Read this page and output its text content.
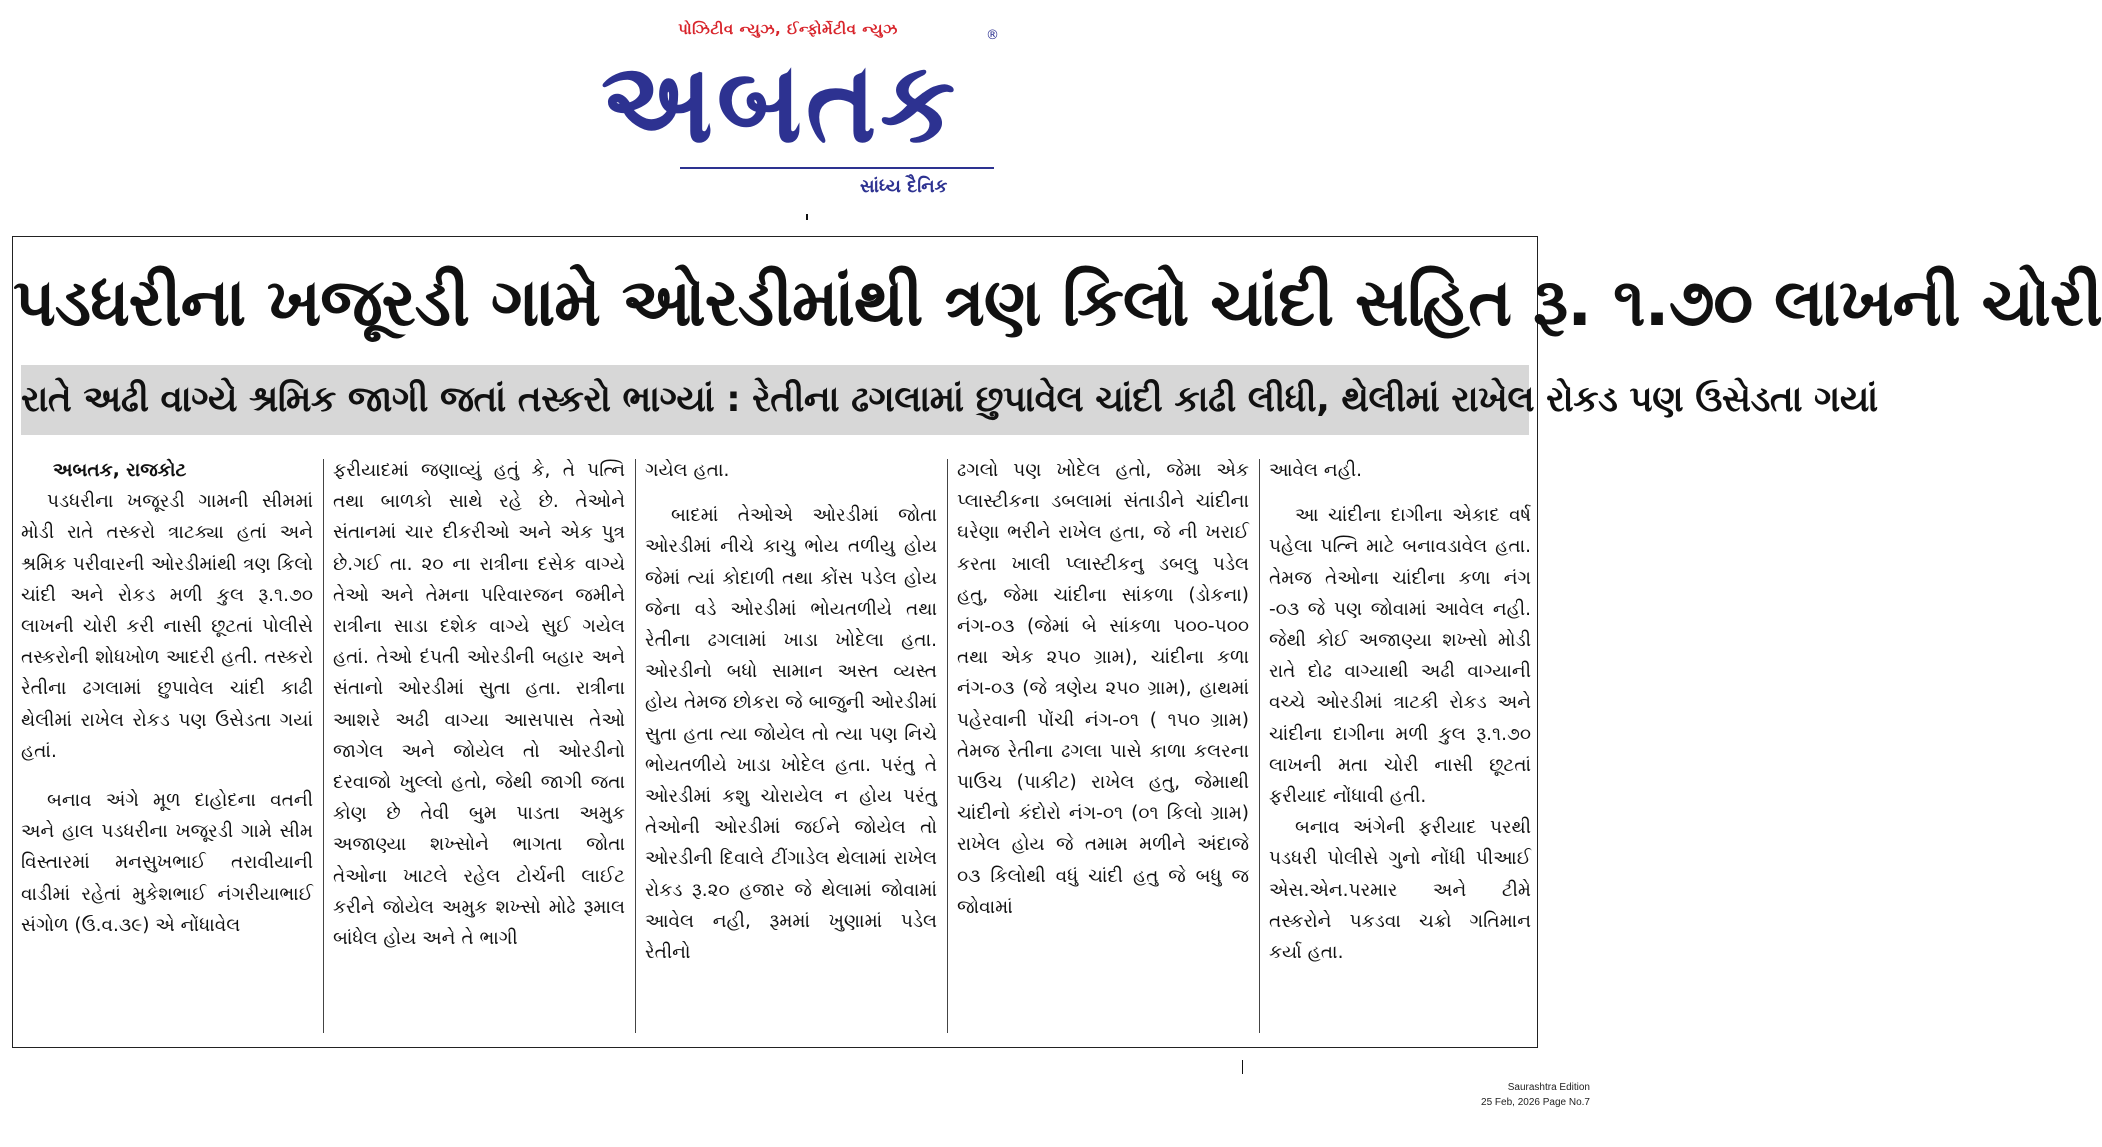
પોઝિટીવ ન્યુઝ, ઈન્ફોર્મેટીવ ન્યુઝ
અબતક
®
સાંધ્ય દૈનિક
પડધરીના ખજૂરડી ગામે ઓરડીમાંથી ત્રણ કિલો ચાંદી સહિત રૂ. ૧.૭૦ લાખની ચોરી
રાતે અઢી વાગ્યે શ્રમિક જાગી જતાં તસ્કરો ભાગ્યાં : રેતીના ઢગલામાં છુપાવેલ ચાંદી કાઢી લીધી, થેલીમાં રાખેલ રોકડ પણ ઉસેડતા ગયાં

અબતક, રાજકોટ

પડધરીના ખજૂરડી ગામની સીમમાં મોડી રાતે તસ્કરો ત્રાટક્યા હતાં અને શ્રમિક પરીવારની ઓરડીમાંથી ત્રણ કિલો ચાંદી અને રોકડ મળી કુલ રૂ.૧.૭૦ લાખની ચોરી કરી નાસી છૂટતાં પોલીસે તસ્કરોની શોધખોળ આદરી હતી. તસ્કરો રેતીના ઢગલામાં છુપાવેલ ચાંદી કાઢી થેલીમાં રાખેલ રોકડ પણ ઉસેડતા ગયાં હતાં.

બનાવ અંગે મૂળ દાહોદના વતની અને હાલ પડધરીના ખજૂરડી ગામે સીમ વિસ્તારમાં મનસુખભાઈ તરાવીયાની વાડીમાં રહેતાં મુકેશભાઈ નંગરીયાભાઈ સંગોળ (ઉ.વ.૩૯) એ નોંધાવેલ

ફરીયાદમાં જણાવ્યું હતું કે, તે પત્નિ તથા બાળકો સાથે રહે છે. તેઓને સંતાનમાં ચાર દીકરીઓ અને એક પુત્ર છે.ગઈ તા. ૨૦ ના રાત્રીના દસેક વાગ્યે તેઓ અને તેમના પરિવારજન જમીને રાત્રીના સાડા દશેક વાગ્યે સુઈ ગયેલ હતાં. તેઓ દંપતી ઓરડીની બહાર અને સંતાનો ઓરડીમાં સુતા હતા. રાત્રીના આશરે અઢી વાગ્યા આસપાસ તેઓ જાગેલ અને જોયેલ તો ઓરડીનો દરવાજો ખુલ્લો હતો, જેથી જાગી જતા કોણ છે તેવી બુમ પાડતા અમુક અજાણ્યા શખ્સોને ભાગતા જોતા તેઓના ખાટલે રહેલ ટોર્ચની લાઈટ કરીને જોયેલ અમુક શખ્સો મોઢે રૂમાલ બાંધેલ હોય અને તે ભાગી

ગયેલ હતા.

બાદમાં તેઓએ ઓરડીમાં જોતા ઓરડીમાં નીચે કાચુ ભોય તળીયુ હોય જેમાં ત્યાં કોદાળી તથા કોંસ પડેલ હોય જેના વડે ઓરડીમાં ભોયતળીયે તથા રેતીના ઢગલામાં ખાડા ખોદેલા હતા. ઓરડીનો બધો સામાન અસ્ત વ્યસ્ત હોય તેમજ છોકરા જે બાજુની ઓરડીમાં સુતા હતા ત્યા જોયેલ તો ત્યા પણ નિચે ભોયતળીયે ખાડા ખોદેલ હતા. પરંતુ તે ઓરડીમાં કશુ ચોરાયેલ ન હોય પરંતુ તેઓની ઓરડીમાં જઈને જોયેલ તો ઓરડીની દિવાલે ટીંગાડેલ થેલામાં રાખેલ રોકડ રૂ.૨૦ હજાર જે થેલામાં જોવામાં આવેલ નહી, રૂમમાં ખુણામાં પડેલ રેતીનો

ઢગલો પણ ખોદેલ હતો, જેમા એક પ્લાસ્ટીકના ડબલામાં સંતાડીને ચાંદીના ઘરેણા ભરીને રાખેલ હતા, જે ની ખરાઈ કરતા ખાલી પ્લાસ્ટીકનુ ડબલુ પડેલ હતુ, જેમા ચાંદીના સાંકળા (ડોકના) નંગ-૦૩ (જેમાં બે સાંકળા ૫૦૦-૫૦૦ તથા એક ૨૫૦ ગ્રામ), ચાંદીના કળા નંગ-૦૩ (જે ત્રણેય ૨૫૦ ગ્રામ), હાથમાં પહેરવાની પોંચી નંગ-૦૧ ( ૧૫૦ ગ્રામ) તેમજ રેતીના ઢગલા પાસે કાળા કલરના પાઉચ (પાકીટ) રાખેલ હતુ, જેમાથી ચાંદીનો કંદોરો નંગ-૦૧ (૦૧ કિલો ગ્રામ) રાખેલ હોય જે તમામ મળીને અંદાજે ૦૩ કિલોથી વધું ચાંદી હતુ જે બધુ જ જોવામાં

આવેલ નહી.

આ ચાંદીના દાગીના એકાદ વર્ષ પહેલા પત્નિ માટે બનાવડાવેલ હતા. તેમજ તેઓના ચાંદીના કળા નંગ -૦૩ જે પણ જોવામાં આવેલ નહી. જેથી કોઈ અજાણ્યા શખ્સો મોડી રાતે દોઢ વાગ્યાથી અઢી વાગ્યાની વચ્ચે ઓરડીમાં ત્રાટકી રોકડ અને ચાંદીના દાગીના મળી કુલ રૂ.૧.૭૦ લાખની મતા ચોરી નાસી છૂટતાં ફરીયાદ નોંધાવી હતી.

બનાવ અંગેની ફરીયાદ પરથી પડધરી પોલીસે ગુનો નોંધી પીઆઈ એસ.એન.પરમાર અને ટીમે તસ્કરોને પકડવા ચક્રો ગતિમાન કર્યા હતા.

Saurashtra Edition
25 Feb, 2026 Page No.7
